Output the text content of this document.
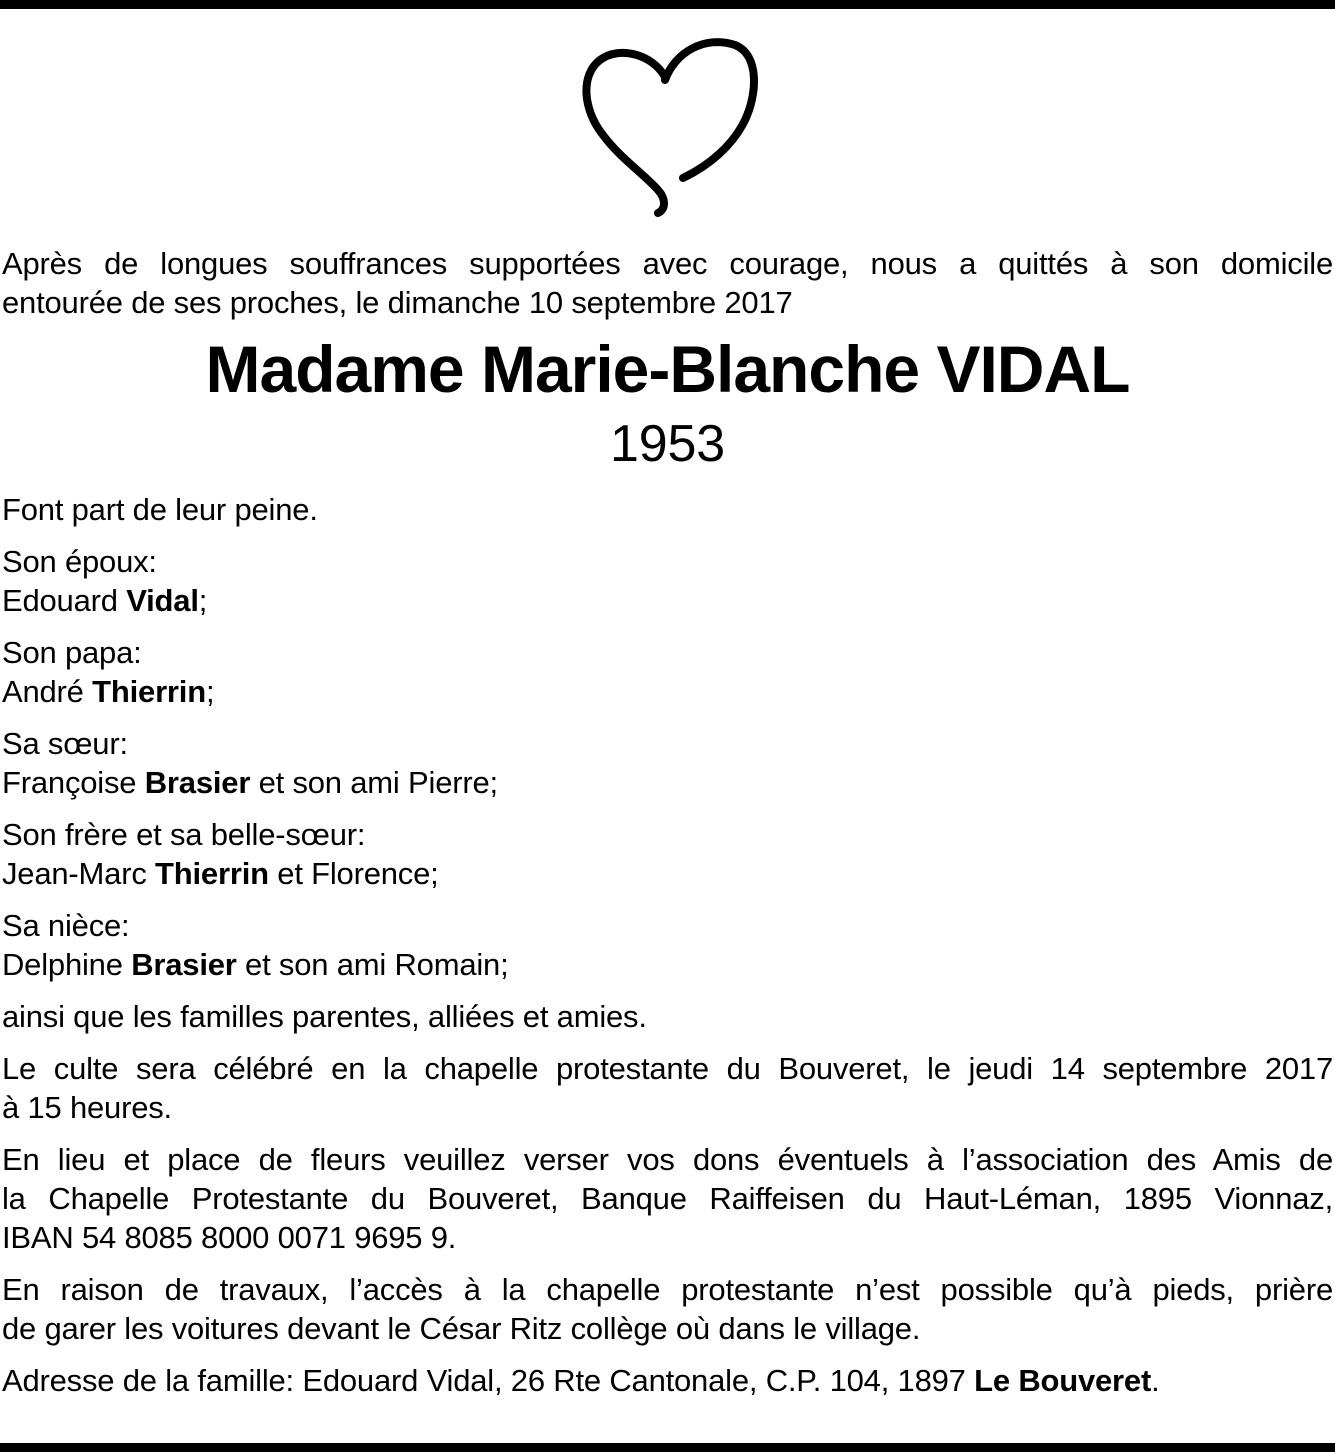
Après de longues souffrances supportées avec courage, nous a quittés à son domicile
entourée de ses proches, le dimanche 10 septembre 2017

Madame Marie-Blanche VIDAL
1953

Font part de leur peine.

Son époux:
Edouard Vidal;

Son papa:
André Thierrin;

Sa sœur:
Françoise Brasier et son ami Pierre;

Son frère et sa belle-sœur:
Jean-Marc Thierrin et Florence;

Sa nièce:
Delphine Brasier et son ami Romain;

ainsi que les familles parentes, alliées et amies.

Le culte sera célébré en la chapelle protestante du Bouveret, le jeudi 14 septembre 2017
à 15 heures.

En lieu et place de fleurs veuillez verser vos dons éventuels à l’association des Amis de
la Chapelle Protestante du Bouveret, Banque Raiffeisen du Haut-Léman, 1895 Vionnaz,
IBAN 54 8085 8000 0071 9695 9.

En raison de travaux, l’accès à la chapelle protestante n’est possible qu’à pieds, prière
de garer les voitures devant le César Ritz collège où dans le village.

Adresse de la famille: Edouard Vidal, 26 Rte Cantonale, C.P. 104, 1897 Le Bouveret.
